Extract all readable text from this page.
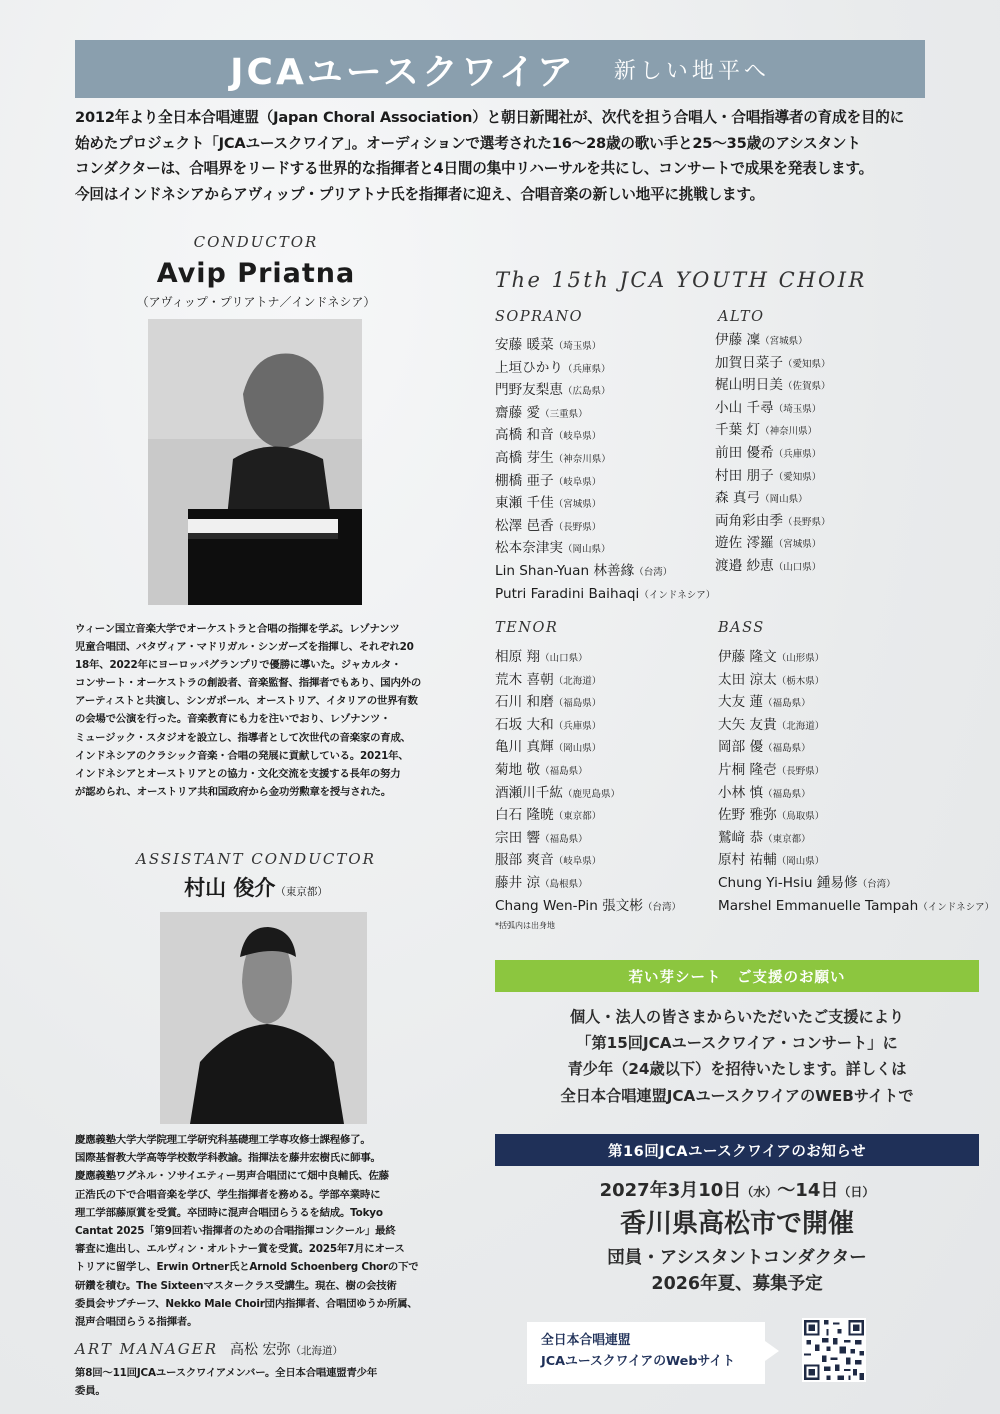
JCAユースクワイア 新しい地平へ

2012年より全日本合唱連盟（Japan Choral Association）と朝日新聞社が、次代を担う合唱人・合唱指導者の育成を目的に

始めたプロジェクト「JCAユースクワイア」。オーディションで選考された16〜28歳の歌い手と25〜35歳のアシスタント

コンダクターは、合唱界をリードする世界的な指揮者と4日間の集中リハーサルを共にし、コンサートで成果を発表します。

今回はインドネシアからアヴィップ・プリアトナ氏を指揮者に迎え、合唱音楽の新しい地平に挑戦します。

CONDUCTOR
Avip Priatna
（アヴィップ・プリアトナ／インドネシア）

ウィーン国立音楽大学でオーケストラと合唱の指揮を学ぶ。レゾナンツ

児童合唱団、バタヴィア・マドリガル・シンガーズを指揮し、それぞれ20

18年、2022年にヨーロッパグランプリで優勝に導いた。ジャカルタ・

コンサート・オーケストラの創設者、音楽監督、指揮者でもあり、国内外の

アーティストと共演し、シンガポール、オーストリア、イタリアの世界有数

の会場で公演を行った。音楽教育にも力を注いでおり、レゾナンツ・

ミュージック・スタジオを設立し、指導者として次世代の音楽家の育成、

インドネシアのクラシック音楽・合唱の発展に貢献している。2021年、

インドネシアとオーストリアとの協力・文化交流を支援する長年の努力

が認められ、オーストリア共和国政府から金功労勲章を授与された。

ASSISTANT CONDUCTOR
村山 俊介（東京都）

慶應義塾大学大学院理工学研究科基礎理工学専攻修士課程修了。

国際基督教大学高等学校数学科教諭。指揮法を藤井宏樹氏に師事。

慶應義塾ワグネル・ソサイエティー男声合唱団にて畑中良輔氏、佐藤

正浩氏の下で合唱音楽を学び、学生指揮者を務める。学部卒業時に

理工学部藤原賞を受賞。卒団時に混声合唱団らうるを結成。Tokyo

Cantat 2025「第9回若い指揮者のための合唱指揮コンクール」最終

審査に進出し、エルヴィン・オルトナー賞を受賞。2025年7月にオース

トリアに留学し、Erwin Ortner氏とArnold Schoenberg Chorの下で

研鑽を積む。The Sixteenマスタークラス受講生。現在、樹の会技術

委員会サブチーフ、Nekko Male Choir団内指揮者、合唱団ゆうか所属、

混声合唱団らうる指揮者。

ART MANAGER 高松 宏弥（北海道）

第8回〜11回JCAユースクワイアメンバー。全日本合唱連盟青少年

委員。

The 15th JCA YOUTH CHOIR
SOPRANO
安藤 暖菜（埼玉県）
上垣ひかり（兵庫県）
門野友梨恵（広島県）
齋藤 愛（三重県）
高橋 和音（岐阜県）
高橋 芽生（神奈川県）
棚橋 亜子（岐阜県）
東瀬 千佳（宮城県）
松澤 邑香（長野県）
松本奈津実（岡山県）
Lin Shan-Yuan 林善緣（台湾）
Putri Faradini Baihaqi（インドネシア）
ALTO
伊藤 凜（宮城県）
加賀日菜子（愛知県）
梶山明日美（佐賀県）
小山 千尋（埼玉県）
千葉 灯（神奈川県）
前田 優希（兵庫県）
村田 朋子（愛知県）
森 真弓（岡山県）
両角彩由季（長野県）
遊佐 澪羅（宮城県）
渡邉 紗恵（山口県）
TENOR
相原 翔（山口県）
荒木 喜朝（北海道）
石川 和磨（福島県）
石坂 大和（兵庫県）
亀川 真輝（岡山県）
菊地 敬（福島県）
酒瀬川千紘（鹿児島県）
白石 隆暁（東京都）
宗田 響（福島県）
服部 爽音（岐阜県）
藤井 涼（島根県）
Chang Wen-Pin 張文彬（台湾）
BASS
伊藤 隆文（山形県）
太田 涼太（栃木県）
大友 蓮（福島県）
大矢 友貴（北海道）
岡部 優（福島県）
片桐 隆壱（長野県）
小林 慎（福島県）
佐野 雅弥（鳥取県）
鷲﨑 恭（東京都）
原村 祐輔（岡山県）
Chung Yi-Hsiu 鍾易修（台湾）
Marshel Emmanuelle Tampah（インドネシア）
*括弧内は出身地
若い芽シート　ご支援のお願い

個人・法人の皆さまからいただいたご支援により

「第15回JCAユースクワイア・コンサート」に

青少年（24歳以下）を招待いたします。詳しくは

全日本合唱連盟JCAユースクワイアのWEBサイトで

第16回JCAユースクワイアのお知らせ
2027年3月10日（水）〜14日（日）
香川県高松市で開催

団員・アシスタントコンダクター

2026年夏、募集予定

全日本合唱連盟
JCAユースクワイアのWebサイト
